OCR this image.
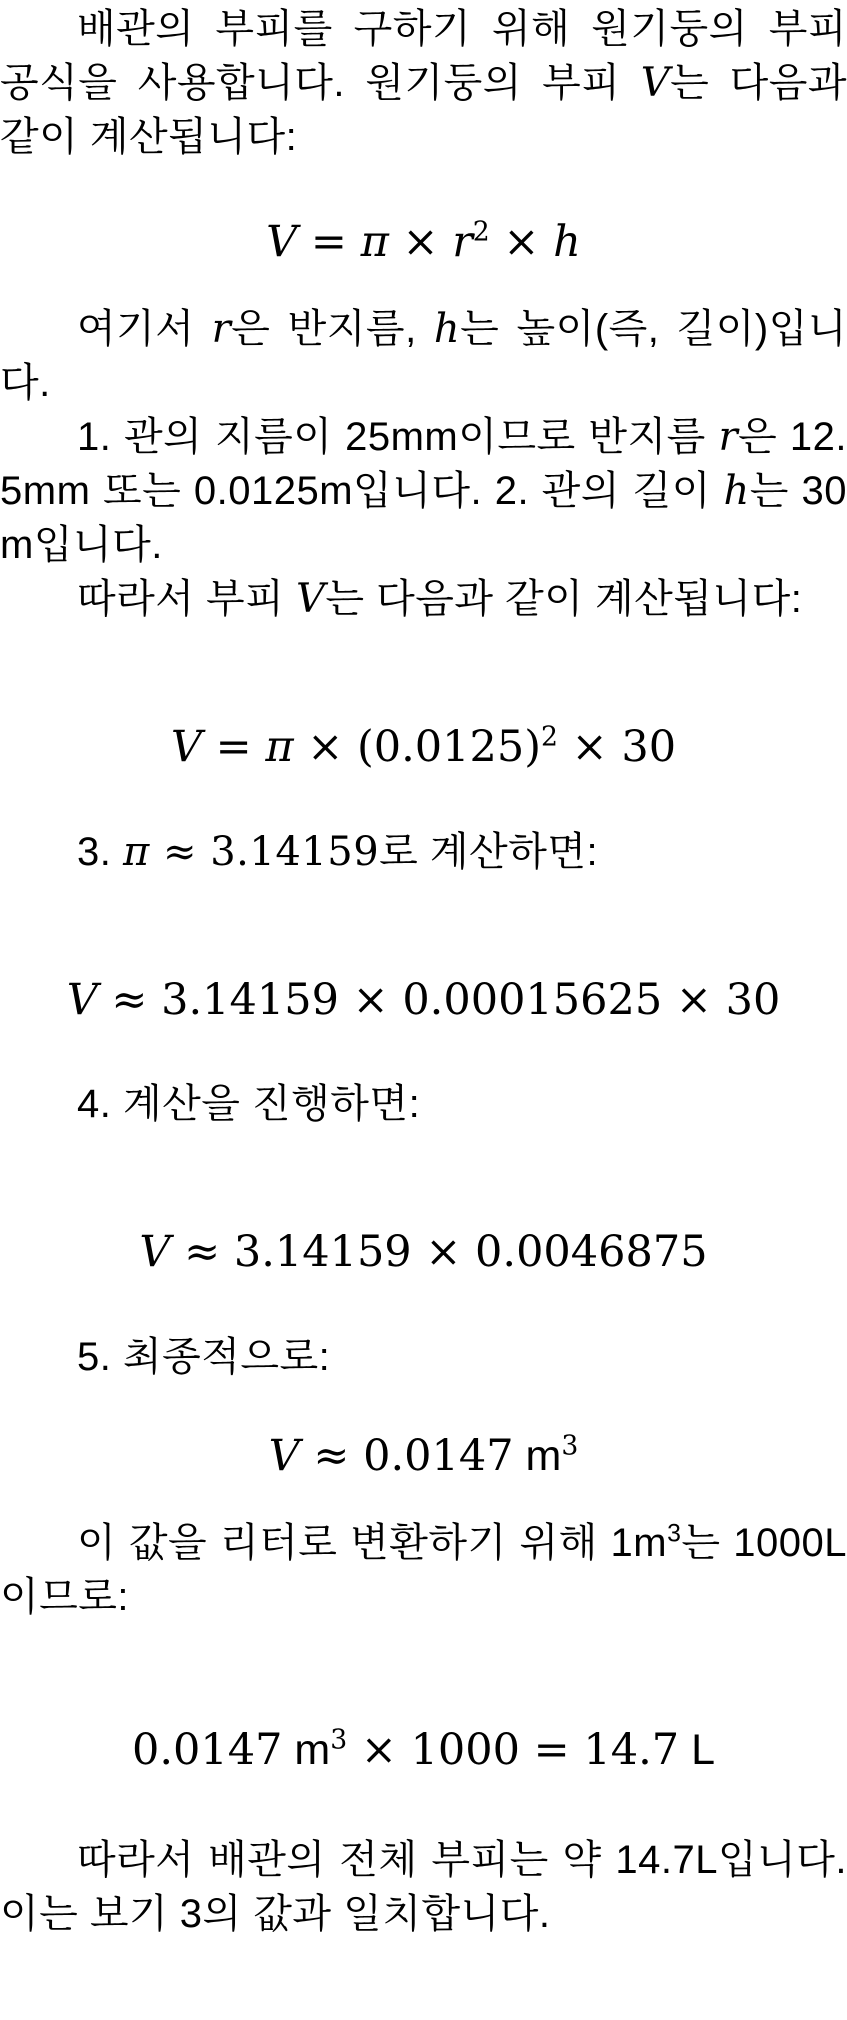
배관의 부피를 구하기 위해 원기둥의 부피 공식을 사용합니다. 원기둥의 부피 V는 다음과 같이 계산됩니다:

$V = \pi \times r^2 \times h$

여기서 r은 반지름, h는 높이(즉, 길이)입니다.

1. 관의 지름이 25mm이므로 반지름 r은 12.5mm 또는 0.0125m입니다. 2. 관의 길이 h는 30m입니다.

따라서 부피 V는 다음과 같이 계산됩니다:

$V = \pi \times (0.0125)^2 \times 30$

3. π ≈ 3.14159로 계산하면:

V ≈ 3.14159 × 0.00015625 × 30

4. 계산을 진행하면:

V ≈ 3.14159 × 0.0046875

5. 최종적으로:

V ≈ 0.0147 $m^3$

이 값을 리터로 변환하기 위해 $1m^3$는 1000L이므로:

0.0147 $m^3 \times 1000 = 14.7$ L

따라서 배관의 전체 부피는 약 14.7L입니다. 이는 보기 3의 값과 일치합니다.
